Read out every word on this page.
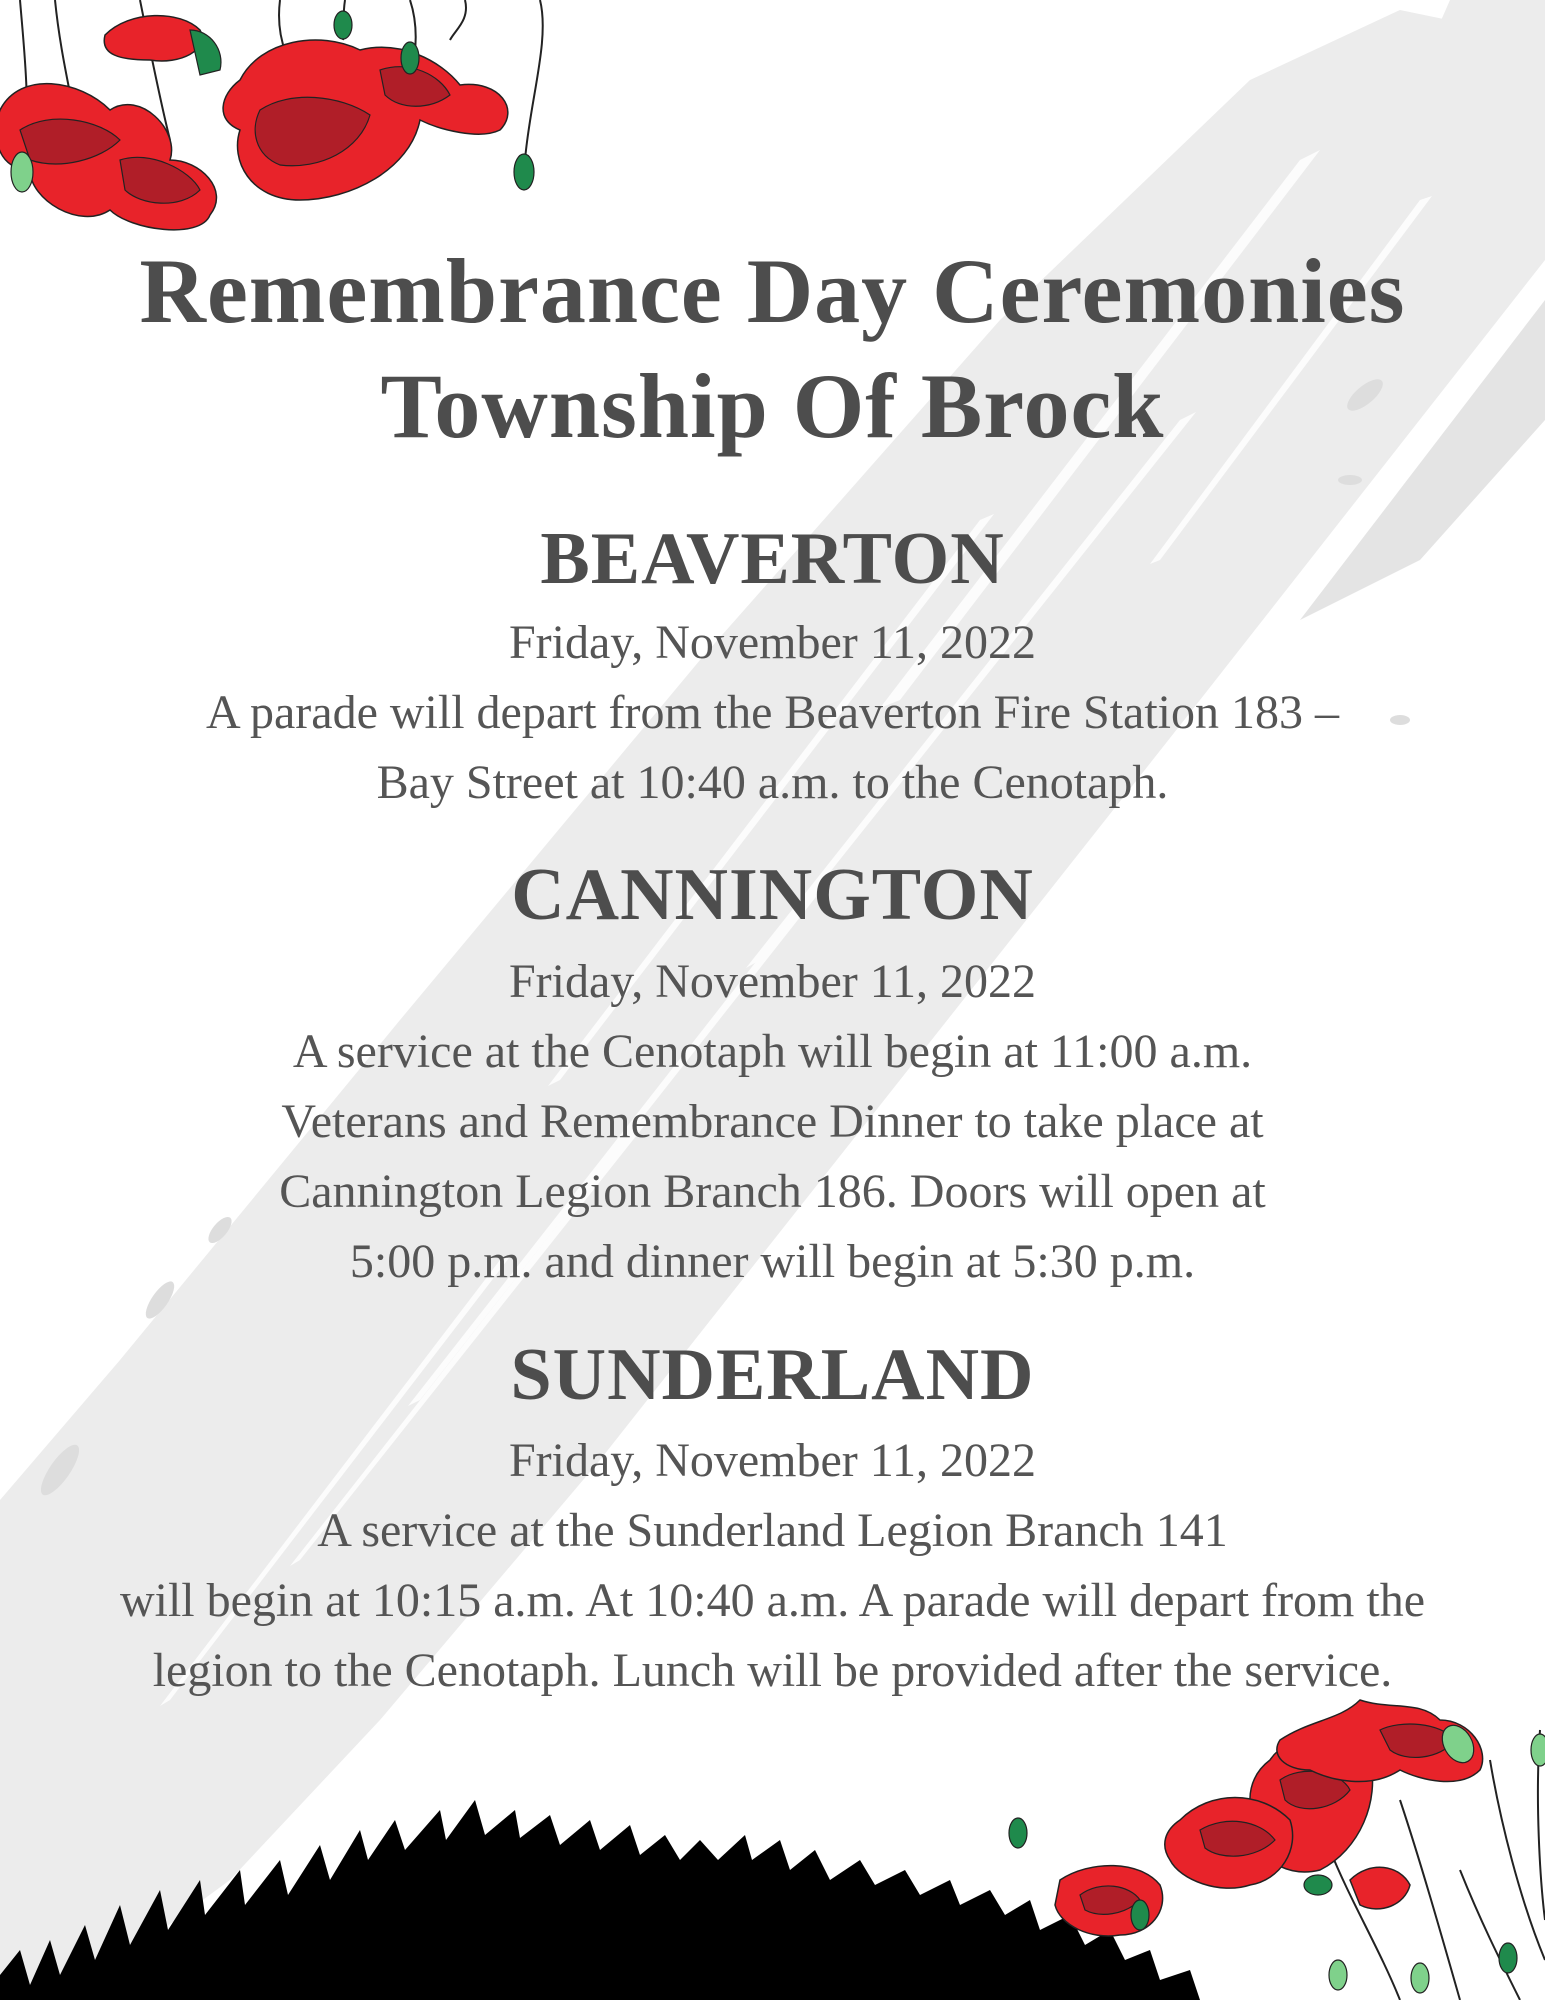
Remembrance Day Ceremonies
Township Of Brock
BEAVERTON
Friday, November 11, 2022
A parade will depart from the Beaverton Fire Station 183 –
Bay Street at 10:40 a.m. to the Cenotaph.
CANNINGTON
Friday, November 11, 2022
A service at the Cenotaph will begin at 11:00 a.m.
Veterans and Remembrance Dinner to take place at
Cannington Legion Branch 186. Doors will open at
5:00 p.m. and dinner will begin at 5:30 p.m.
SUNDERLAND
Friday, November 11, 2022
A service at the Sunderland Legion Branch 141
will begin at 10:15 a.m. At 10:40 a.m. A parade will depart from the
legion to the Cenotaph. Lunch will be provided after the service.
